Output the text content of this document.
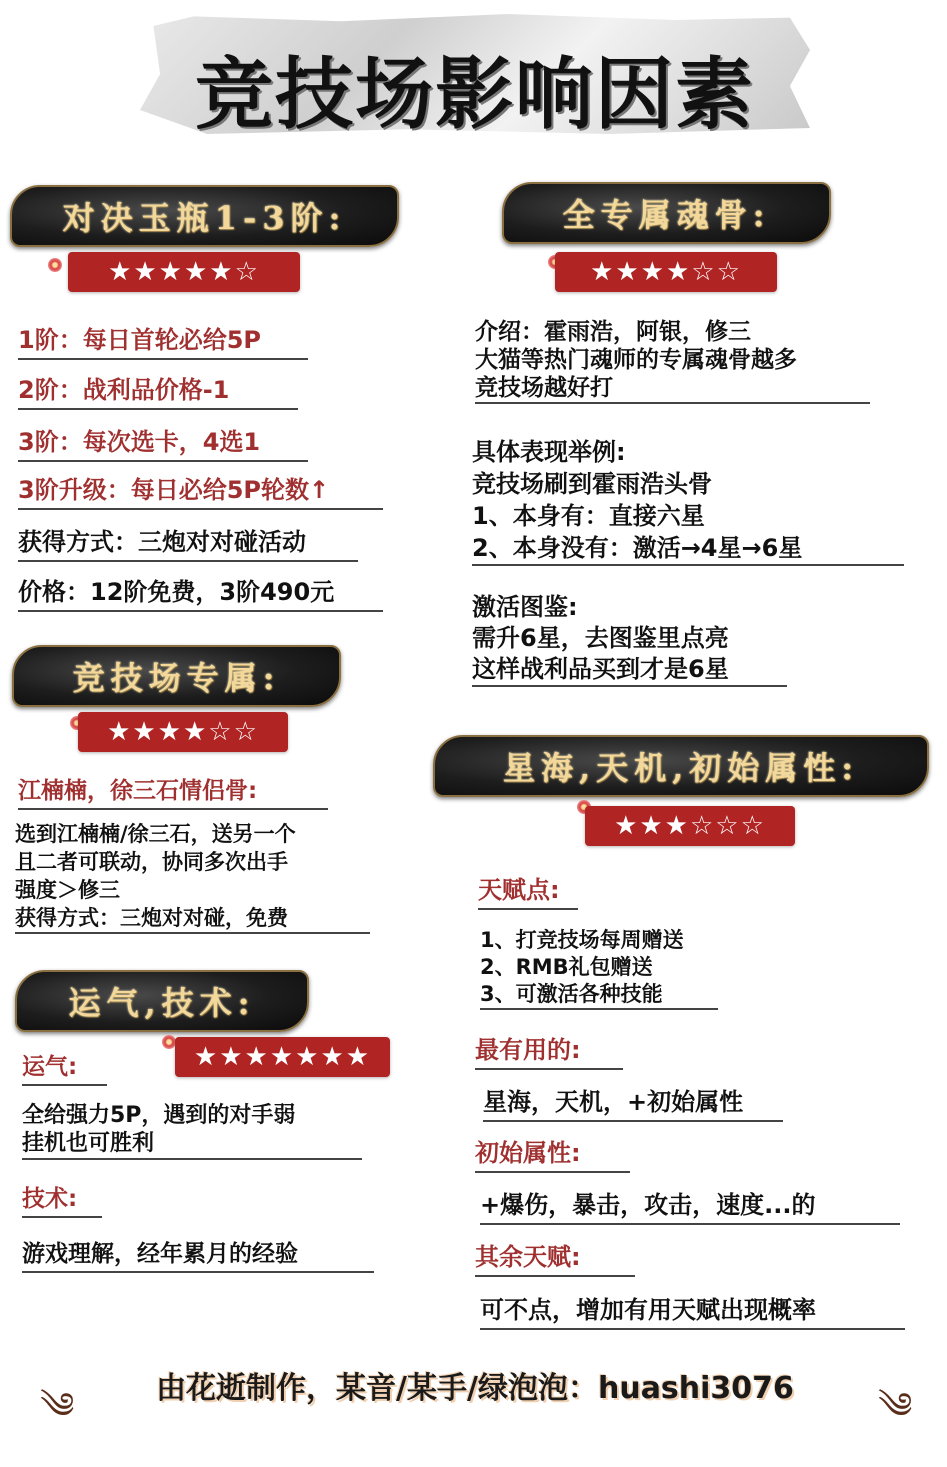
竞技场影响因素
对决玉瓶1-3阶:
★★★★★☆
1阶：每日首轮必给5P
2阶：战利品价格-1
3阶：每次选卡，4选1
3阶升级：每日必给5P轮数↑
获得方式：三炮对对碰活动
价格：12阶免费，3阶490元
竞技场专属:
★★★★☆☆
江楠楠，徐三石情侣骨:
选到江楠楠/徐三石，送另一个
且二者可联动，协同多次出手
强度＞修三
获得方式：三炮对对碰，免费
运气,技术:
★★★★★★★
运气:
全给强力5P，遇到的对手弱
挂机也可胜利
技术:
游戏理解，经年累月的经验
全专属魂骨:
★★★★☆☆
介绍：霍雨浩，阿银，修三
大猫等热门魂师的专属魂骨越多
竞技场越好打
具体表现举例:
竞技场刷到霍雨浩头骨
1、本身有：直接六星
2、本身没有：激活→4星→6星
激活图鉴:
需升6星，去图鉴里点亮
这样战利品买到才是6星
星海,天机,初始属性:
★★★☆☆☆
天赋点:
1、打竞技场每周赠送
2、RMB礼包赠送
3、可激活各种技能
最有用的:
星海，天机，+初始属性
初始属性:
+爆伤，暴击，攻击，速度...的
其余天赋:
可不点，增加有用天赋出现概率
༄	由花逝制作，某音/某手/绿泡泡：huashi3076	༄
